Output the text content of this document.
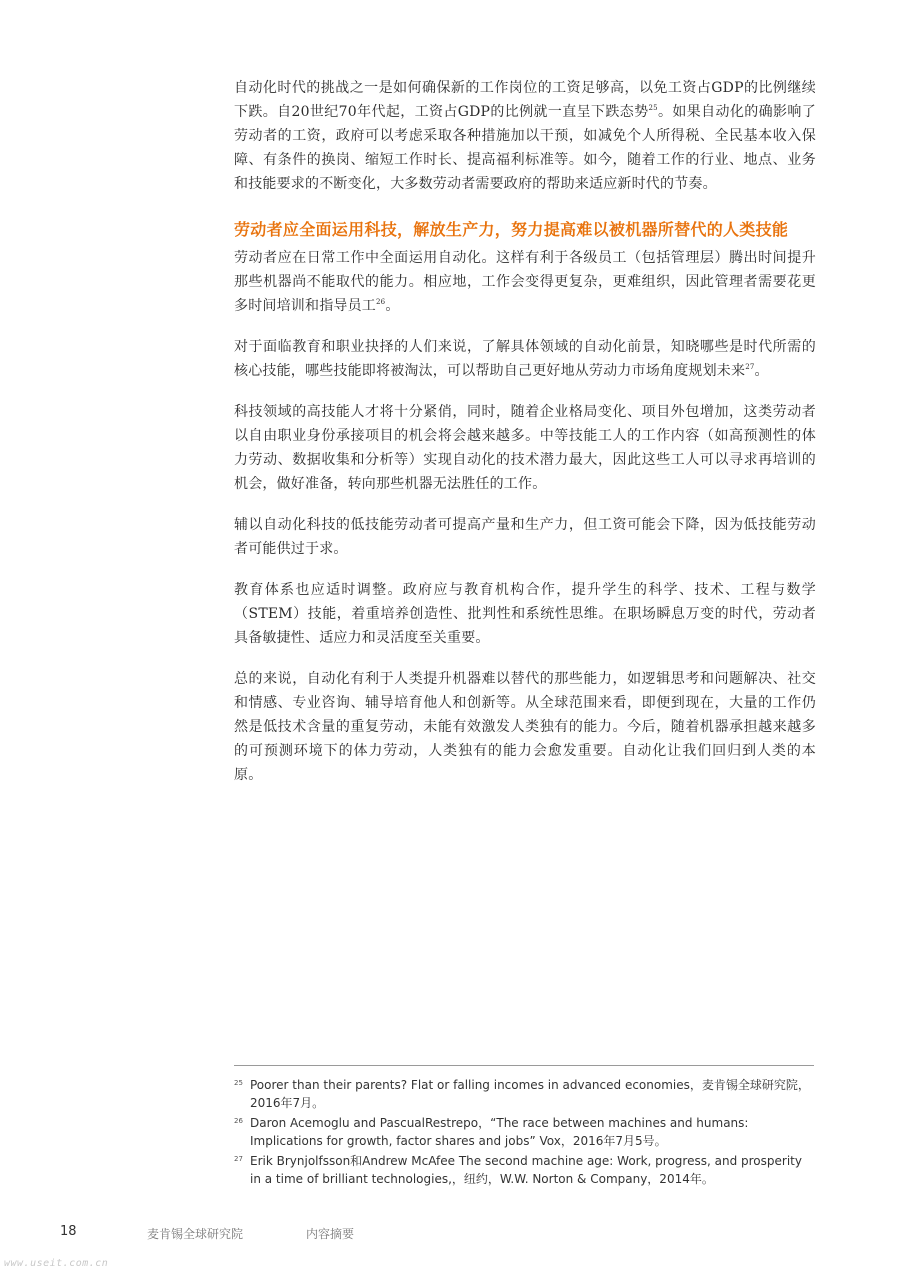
自动化时代的挑战之一是如何确保新的工作岗位的工资足够高，以免工资占GDP的比例继续下跌。自20世纪70年代起，工资占GDP的比例就一直呈下跌态势$^{25}$。如果自动化的确影响了劳动者的工资，政府可以考虑采取各种措施加以干预，如减免个人所得税、全民基本收入保障、有条件的换岗、缩短工作时长、提高福利标准等。如今，随着工作的行业、地点、业务和技能要求的不断变化，大多数劳动者需要政府的帮助来适应新时代的节奏。

劳动者应全面运用科技，解放生产力，努力提高难以被机器所替代的人类技能

劳动者应在日常工作中全面运用自动化。这样有利于各级员工（包括管理层）腾出时间提升那些机器尚不能取代的能力。相应地，工作会变得更复杂，更难组织，因此管理者需要花更多时间培训和指导员工$^{26}$。

对于面临教育和职业抉择的人们来说，了解具体领域的自动化前景，知晓哪些是时代所需的核心技能，哪些技能即将被淘汰，可以帮助自己更好地从劳动力市场角度规划未来$^{27}$。

科技领域的高技能人才将十分紧俏，同时，随着企业格局变化、项目外包增加，这类劳动者以自由职业身份承接项目的机会将会越来越多。中等技能工人的工作内容（如高预测性的体力劳动、数据收集和分析等）实现自动化的技术潜力最大，因此这些工人可以寻求再培训的机会，做好准备，转向那些机器无法胜任的工作。

辅以自动化科技的低技能劳动者可提高产量和生产力，但工资可能会下降，因为低技能劳动者可能供过于求。

教育体系也应适时调整。政府应与教育机构合作，提升学生的科学、技术、工程与数学（STEM）技能，着重培养创造性、批判性和系统性思维。在职场瞬息万变的时代，劳动者具备敏捷性、适应力和灵活度至关重要。

总的来说，自动化有利于人类提升机器难以替代的那些能力，如逻辑思考和问题解决、社交和情感、专业咨询、辅导培育他人和创新等。从全球范围来看，即便到现在，大量的工作仍然是低技术含量的重复劳动，未能有效激发人类独有的能力。今后，随着机器承担越来越多的可预测环境下的体力劳动，人类独有的能力会愈发重要。自动化让我们回归到人类的本原。

25 Poorer than their parents? Flat or falling incomes in advanced economies，麦肯锡全球研究院，2016年7月。
26 Daron Acemoglu and PascualRestrepo，“The race between machines and humans: Implications for growth, factor shares and jobs” Vox，2016年7月5号。
27 Erik Brynjolfsson和Andrew McAfee The second machine age: Work, progress, and prosperity in a time of brilliant technologies,，纽约，W.W. Norton & Company，2014年。
18	麦肯锡全球研究院	内容摘要
www.useit.com.cn
